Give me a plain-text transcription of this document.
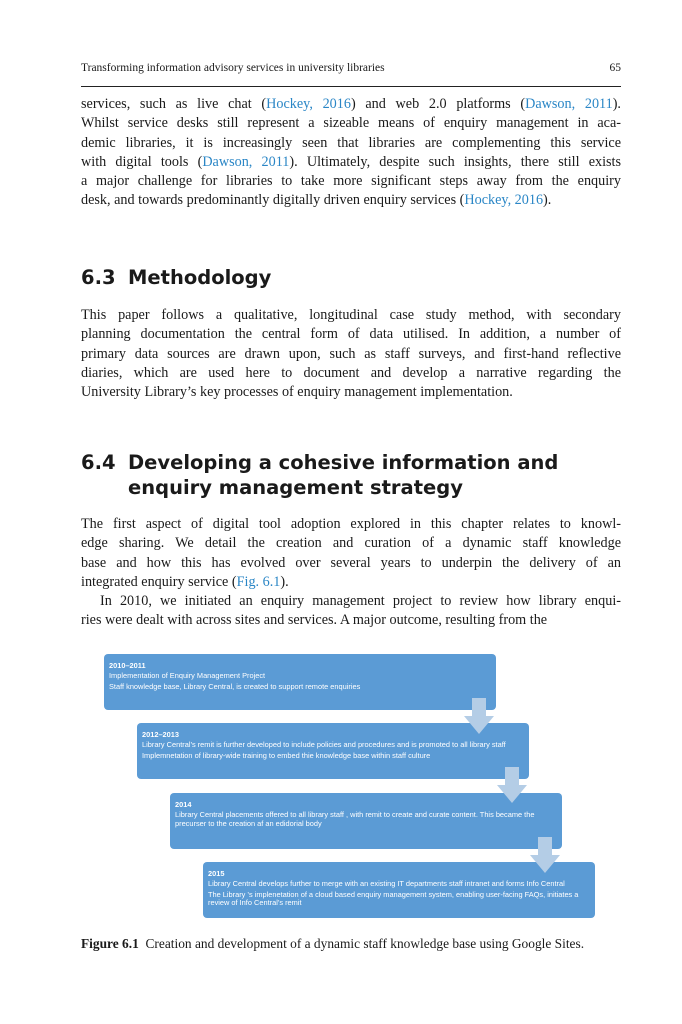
Transforming information advisory services in university libraries	65
services, such as live chat (Hockey, 2016) and web 2.0 platforms (Dawson, 2011).
Whilst service desks still represent a sizeable means of enquiry management in aca-
demic libraries, it is increasingly seen that libraries are complementing this service
with digital tools (Dawson, 2011). Ultimately, despite such insights, there still exists
a major challenge for libraries to take more significant steps away from the enquiry
desk, and towards predominantly digitally driven enquiry services (Hockey, 2016).
6.3 Methodology
This paper follows a qualitative, longitudinal case study method, with secondary
planning documentation the central form of data utilised. In addition, a number of
primary data sources are drawn upon, such as staff surveys, and first-hand reflective
diaries, which are used here to document and develop a narrative regarding the
University Library’s key processes of enquiry management implementation.
6.4 Developing a cohesive information and enquiry management strategy
The first aspect of digital tool adoption explored in this chapter relates to knowl-
edge sharing. We detail the creation and curation of a dynamic staff knowledge
base and how this has evolved over several years to underpin the delivery of an
integrated enquiry service (Fig. 6.1).
In 2010, we initiated an enquiry management project to review how library enqui-
ries were dealt with across sites and services. A major outcome, resulting from the
2010–2011

Implementation of Enquiry Management Project

Staff knowledge base, Library Central, is created to support remote enquiries

2012–2013

Library Central’s remit is further developed to include policies and procedures and is promoted to all library staff

Implemnetation of library-wide training to embed thie knowledge base within staff culture

2014

Library Central placements offered to all library staff , with remit to create and curate content. This became the precurser to the creation af an edidorial body

2015

Library Central develops further to merge with an existing IT departments staff intranet and forms Info Central

The Library ’s implenetation of a cloud based enquiry management system, enabling user-facing FAQs, initiates a review of Info Central’s remit

Figure 6.1 Creation and development of a dynamic staff knowledge base using Google Sites.
